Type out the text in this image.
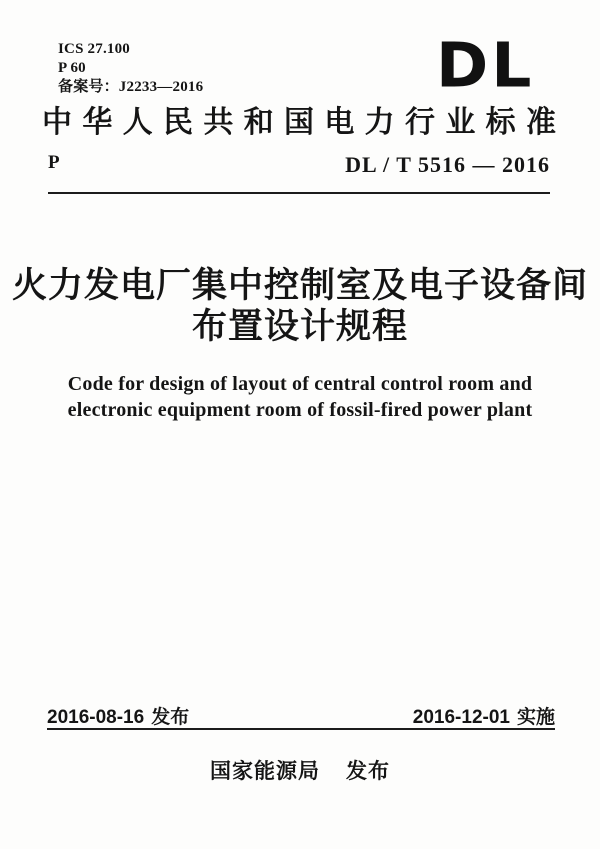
ICS 27.100
P 60
备案号：J2233—2016	DL
中华人民共和国电力行业标准
P	DL / T 5516 — 2016
火力发电厂集中控制室及电子设备间
布置设计规程
Code for design of layout of central control room and
electronic equipment room of fossil-fired power plant
2016-08-16 发布	2016-12-01 实施
国家能源局 发布
